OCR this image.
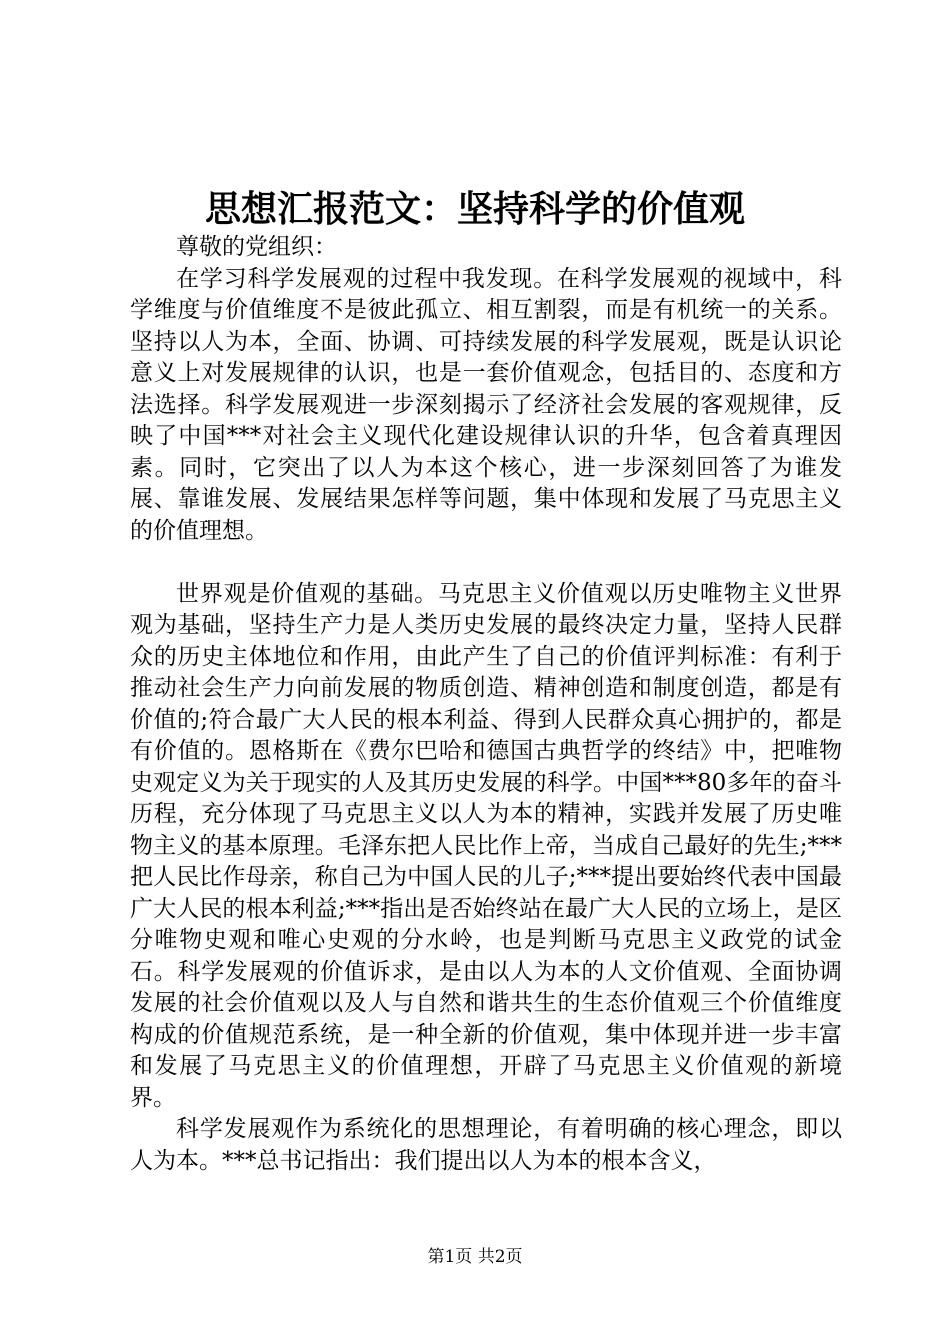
思想汇报范文：坚持科学的价值观

尊敬的党组织：

在学习科学发展观的过程中我发现。在科学发展观的视域中，科学维度与价值维度不是彼此孤立、相互割裂，而是有机统一的关系。坚持以人为本，全面、协调、可持续发展的科学发展观，既是认识论意义上对发展规律的认识，也是一套价值观念，包括目的、态度和方法选择。科学发展观进一步深刻揭示了经济社会发展的客观规律，反映了中国***对社会主义现代化建设规律认识的升华，包含着真理因素。同时，它突出了以人为本这个核心，进一步深刻回答了为谁发展、靠谁发展、发展结果怎样等问题，集中体现和发展了马克思主义的价值理想。

世界观是价值观的基础。马克思主义价值观以历史唯物主义世界观为基础，坚持生产力是人类历史发展的最终决定力量，坚持人民群众的历史主体地位和作用，由此产生了自己的价值评判标准：有利于推动社会生产力向前发展的物质创造、精神创造和制度创造，都是有价值的;符合最广大人民的根本利益、得到人民群众真心拥护的，都是有价值的。恩格斯在《费尔巴哈和德国古典哲学的终结》中，把唯物史观定义为关于现实的人及其历史发展的科学。中国***80多年的奋斗历程，充分体现了马克思主义以人为本的精神，实践并发展了历史唯物主义的基本原理。毛泽东把人民比作上帝，当成自己最好的先生;***把人民比作母亲，称自己为中国人民的儿子;***提出要始终代表中国最广大人民的根本利益;***指出是否始终站在最广大人民的立场上，是区分唯物史观和唯心史观的分水岭，也是判断马克思主义政党的试金石。科学发展观的价值诉求，是由以人为本的人文价值观、全面协调发展的社会价值观以及人与自然和谐共生的生态价值观三个价值维度构成的价值规范系统，是一种全新的价值观，集中体现并进一步丰富和发展了马克思主义的价值理想，开辟了马克思主义价值观的新境界。

科学发展观作为系统化的思想理论，有着明确的核心理念，即以人为本。***总书记指出：我们提出以人为本的根本含义，

第1页 共2页
